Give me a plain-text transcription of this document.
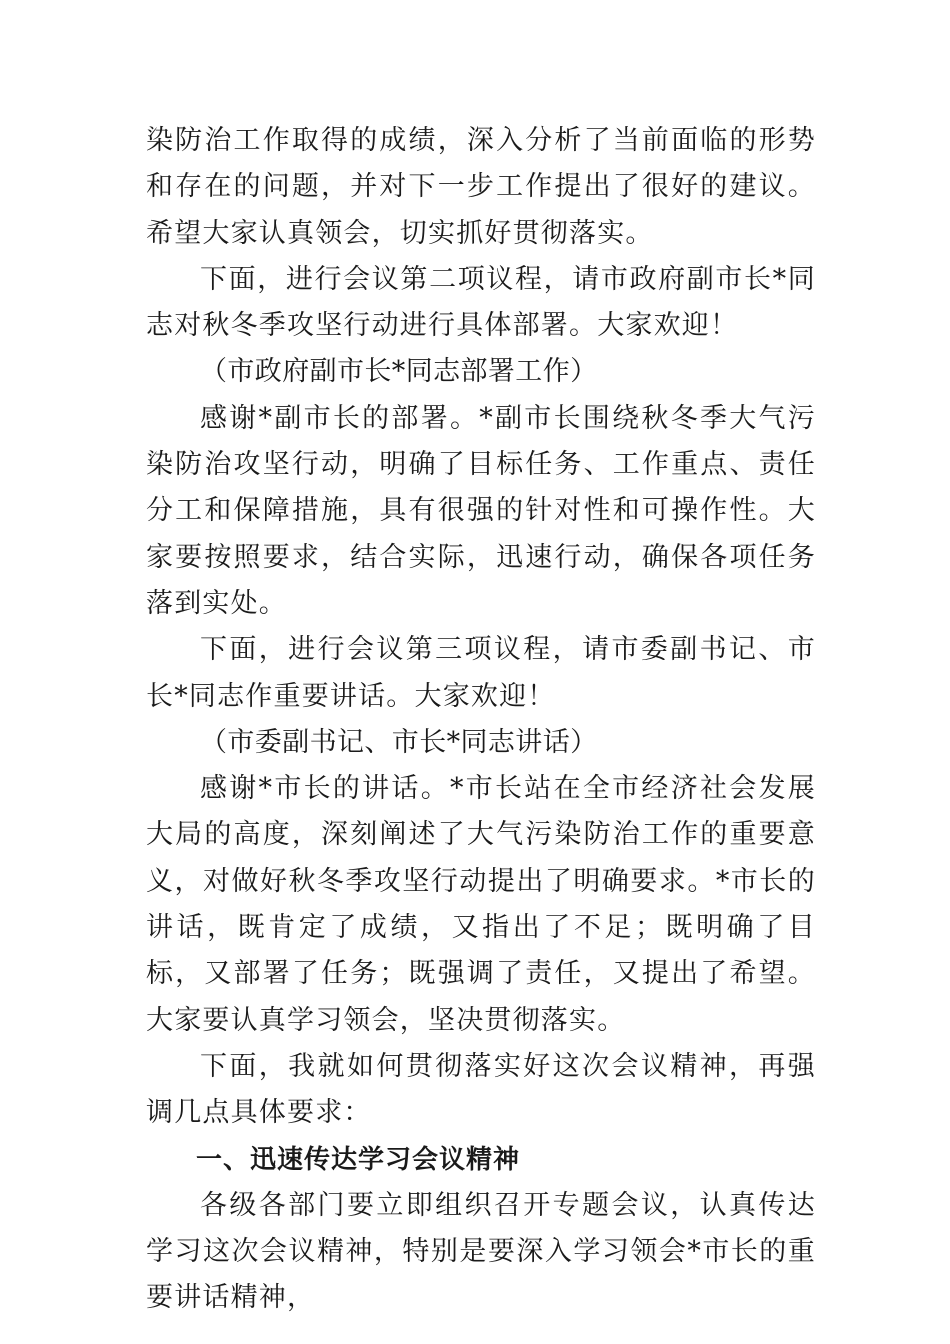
染防治工作取得的成绩，深入分析了当前面临的形势和存在的问题，并对下一步工作提出了很好的建议。希望大家认真领会，切实抓好贯彻落实。

下面，进行会议第二项议程，请市政府副市长*同志对秋冬季攻坚行动进行具体部署。大家欢迎！

（市政府副市长*同志部署工作）

感谢*副市长的部署。*副市长围绕秋冬季大气污染防治攻坚行动，明确了目标任务、工作重点、责任分工和保障措施，具有很强的针对性和可操作性。大家要按照要求，结合实际，迅速行动，确保各项任务落到实处。

下面，进行会议第三项议程，请市委副书记、市长*同志作重要讲话。大家欢迎！

（市委副书记、市长*同志讲话）

感谢*市长的讲话。*市长站在全市经济社会发展大局的高度，深刻阐述了大气污染防治工作的重要意义，对做好秋冬季攻坚行动提出了明确要求。*市长的讲话，既肯定了成绩，又指出了不足；既明确了目标，又部署了任务；既强调了责任，又提出了希望。大家要认真学习领会，坚决贯彻落实。

下面，我就如何贯彻落实好这次会议精神，再强调几点具体要求：

一、迅速传达学习会议精神

各级各部门要立即组织召开专题会议，认真传达学习这次会议精神，特别是要深入学习领会*市长的重要讲话精神，
